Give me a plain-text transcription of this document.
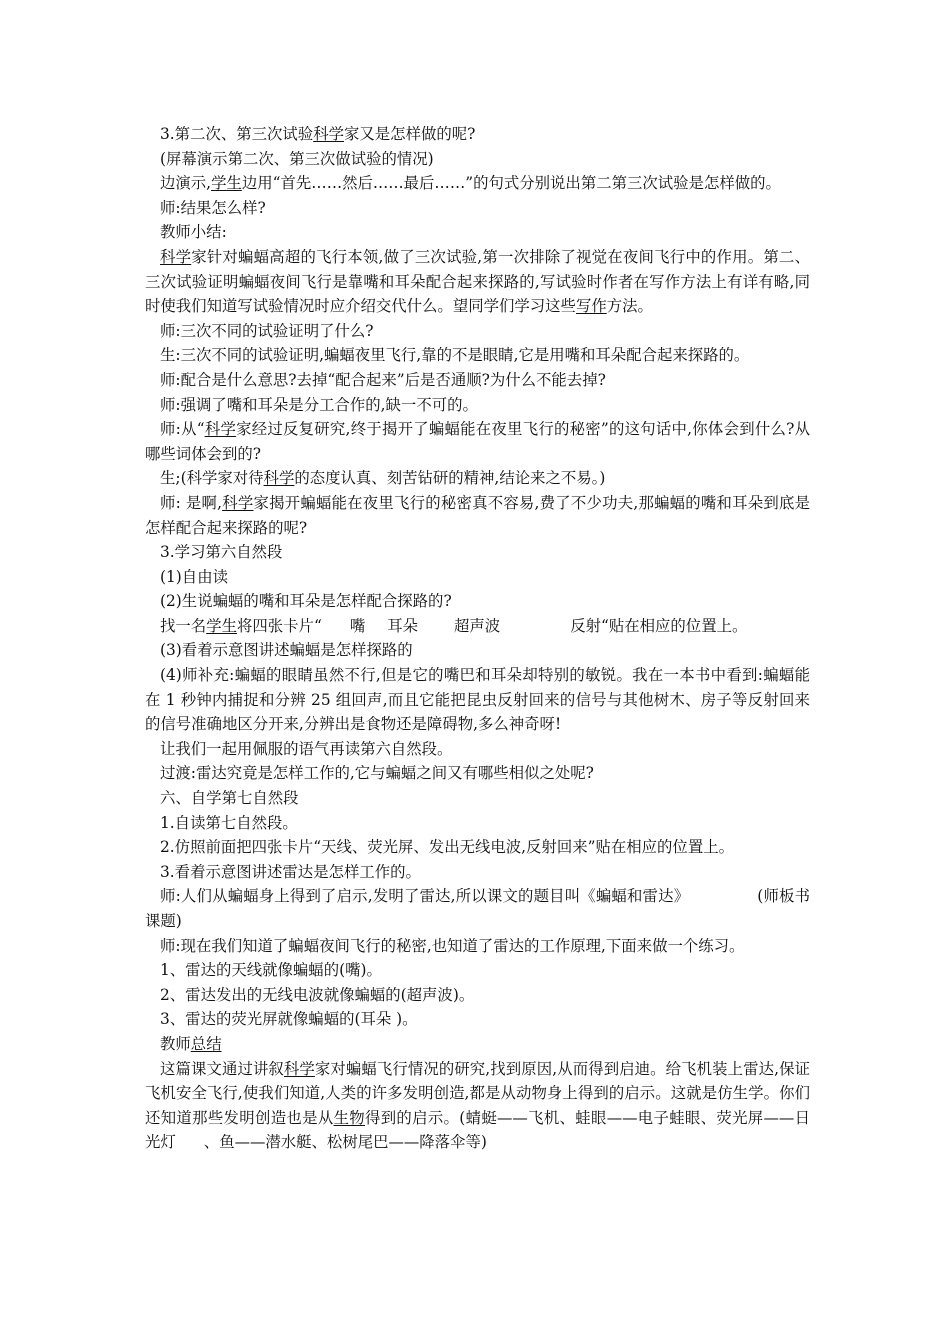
3.第二次、第三次试验科学家又是怎样做的呢?

(屏幕演示第二次、第三次做试验的情况)

边演示,学生边用“首先……然后……最后……”的句式分别说出第二第三次试验是怎样做的。

师:结果怎么样?

教师小结:

科学家针对蝙蝠高超的飞行本领,做了三次试验,第一次排除了视觉在夜间飞行中的作用。第二、三次试验证明蝙蝠夜间飞行是靠嘴和耳朵配合起来探路的,写试验时作者在写作方法上有详有略,同时使我们知道写试验情况时应介绍交代什么。望同学们学习这些写作方法。

师:三次不同的试验证明了什么?

生:三次不同的试验证明,蝙蝠夜里飞行,靠的不是眼睛,它是用嘴和耳朵配合起来探路的。

师:配合是什么意思?去掉“配合起来”后是否通顺?为什么不能去掉?

师:强调了嘴和耳朵是分工合作的,缺一不可的。

师:从“科学家经过反复研究,终于揭开了蝙蝠能在夜里飞行的秘密”的这句话中,你体会到什么?从哪些词体会到的?

生;(科学家对待科学的态度认真、刻苦钻研的精神,结论来之不易。)

师: 是啊,科学家揭开蝙蝠能在夜里飞行的秘密真不容易,费了不少功夫,那蝙蝠的嘴和耳朵到底是怎样配合起来探路的呢?

3.学习第六自然段

(1)自由读

(2)生说蝙蝠的嘴和耳朵是怎样配合探路的?

找一名学生将四张卡片“ 嘴 耳朵 超声波	反射“贴在相应的位置上。

(3)看着示意图讲述蝙蝠是怎样探路的

(4)师补充:蝙蝠的眼睛虽然不行,但是它的嘴巴和耳朵却特别的敏锐。我在一本书中看到:蝙蝠能在 1 秒钟内捕捉和分辨 25 组回声,而且它能把昆虫反射回来的信号与其他树木、房子等反射回来的信号准确地区分开来,分辨出是食物还是障碍物,多么神奇呀!

让我们一起用佩服的语气再读第六自然段。

过渡:雷达究竟是怎样工作的,它与蝙蝠之间又有哪些相似之处呢?

六、自学第七自然段

1.自读第七自然段。

2.仿照前面把四张卡片“天线、荧光屏、发出无线电波,反射回来”贴在相应的位置上。

3.看着示意图讲述雷达是怎样工作的。

师:人们从蝙蝠身上得到了启示,发明了雷达,所以课文的题目叫《蝙蝠和雷达》	(师板书课题)

师:现在我们知道了蝙蝠夜间飞行的秘密,也知道了雷达的工作原理,下面来做一个练习。

1、雷达的天线就像蝙蝠的(嘴)。

2、雷达发出的无线电波就像蝙蝠的(超声波)。

3、雷达的荧光屏就像蝙蝠的(耳朵 )。

教师总结

这篇课文通过讲叙科学家对蝙蝠飞行情况的研究,找到原因,从而得到启迪。给飞机装上雷达,保证飞机安全飞行,使我们知道,人类的许多发明创造,都是从动物身上得到的启示。这就是仿生学。你们还知道那些发明创造也是从生物得到的启示。(蜻蜓——飞机、蛙眼——电子蛙眼、荧光屏——日光灯 、鱼——潜水艇、松树尾巴——降落伞等)
